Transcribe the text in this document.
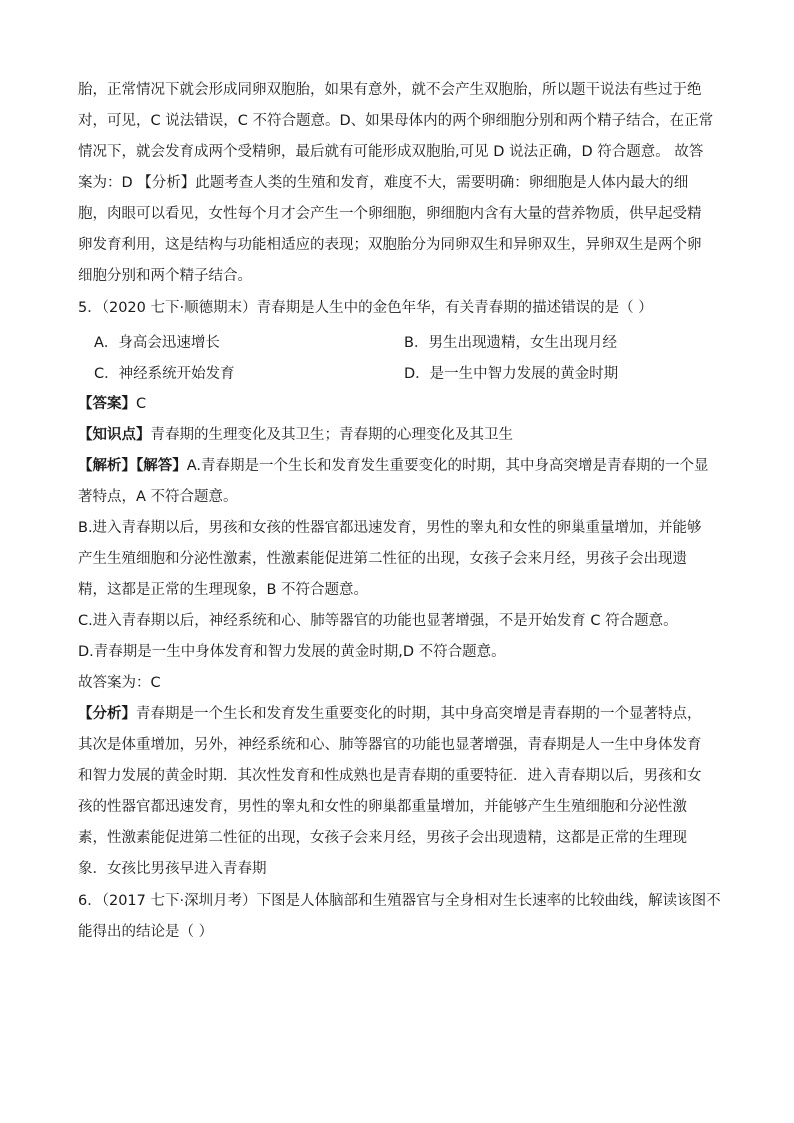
胎，正常情况下就会形成同卵双胞胎，如果有意外，就不会产生双胞胎，所以题干说法有些过于绝
对，可见，C 说法错误，C 不符合题意。D、如果母体内的两个卵细胞分别和两个精子结合，在正常
情况下，就会发育成两个受精卵，最后就有可能形成双胞胎,可见 D 说法正确，D 符合题意。 故答
案为：D 【分析】此题考查人类的生殖和发育，难度不大，需要明确：卵细胞是人体内最大的细
胞，肉眼可以看见，女性每个月才会产生一个卵细胞，卵细胞内含有大量的营养物质，供早起受精
卵发育利用，这是结构与功能相适应的表现；双胞胎分为同卵双生和异卵双生，异卵双生是两个卵
细胞分别和两个精子结合。
5．（2020 七下·顺德期末）青春期是人生中的金色年华，有关青春期的描述错误的是（ ）
A．身高会迅速增长	B．男生出现遗精，女生出现月经
C．神经系统开始发育	D．是一生中智力发展的黄金时期
【答案】C
【知识点】青春期的生理变化及其卫生；青春期的心理变化及其卫生
【解析】【解答】A.青春期是一个生长和发育发生重要变化的时期，其中身高突增是青春期的一个显
著特点，A 不符合题意。
B.进入青春期以后，男孩和女孩的性器官都迅速发育，男性的睾丸和女性的卵巢重量增加，并能够
产生生殖细胞和分泌性激素，性激素能促进第二性征的出现，女孩子会来月经，男孩子会出现遗
精，这都是正常的生理现象，B 不符合题意。
C.进入青春期以后，神经系统和心、肺等器官的功能也显著增强，不是开始发育 C 符合题意。
D.青春期是一生中身体发育和智力发展的黄金时期,D 不符合题意。
故答案为：C
【分析】青春期是一个生长和发育发生重要变化的时期，其中身高突增是青春期的一个显著特点，
其次是体重增加，另外，神经系统和心、肺等器官的功能也显著增强，青春期是人一生中身体发育
和智力发展的黄金时期．其次性发育和性成熟也是青春期的重要特征．进入青春期以后，男孩和女
孩的性器官都迅速发育，男性的睾丸和女性的卵巢都重量增加，并能够产生生殖细胞和分泌性激
素，性激素能促进第二性征的出现，女孩子会来月经，男孩子会出现遗精，这都是正常的生理现
象．女孩比男孩早进入青春期
6．（2017 七下·深圳月考）下图是人体脑部和生殖器官与全身相对生长速率的比较曲线，解读该图不
能得出的结论是（ ）
